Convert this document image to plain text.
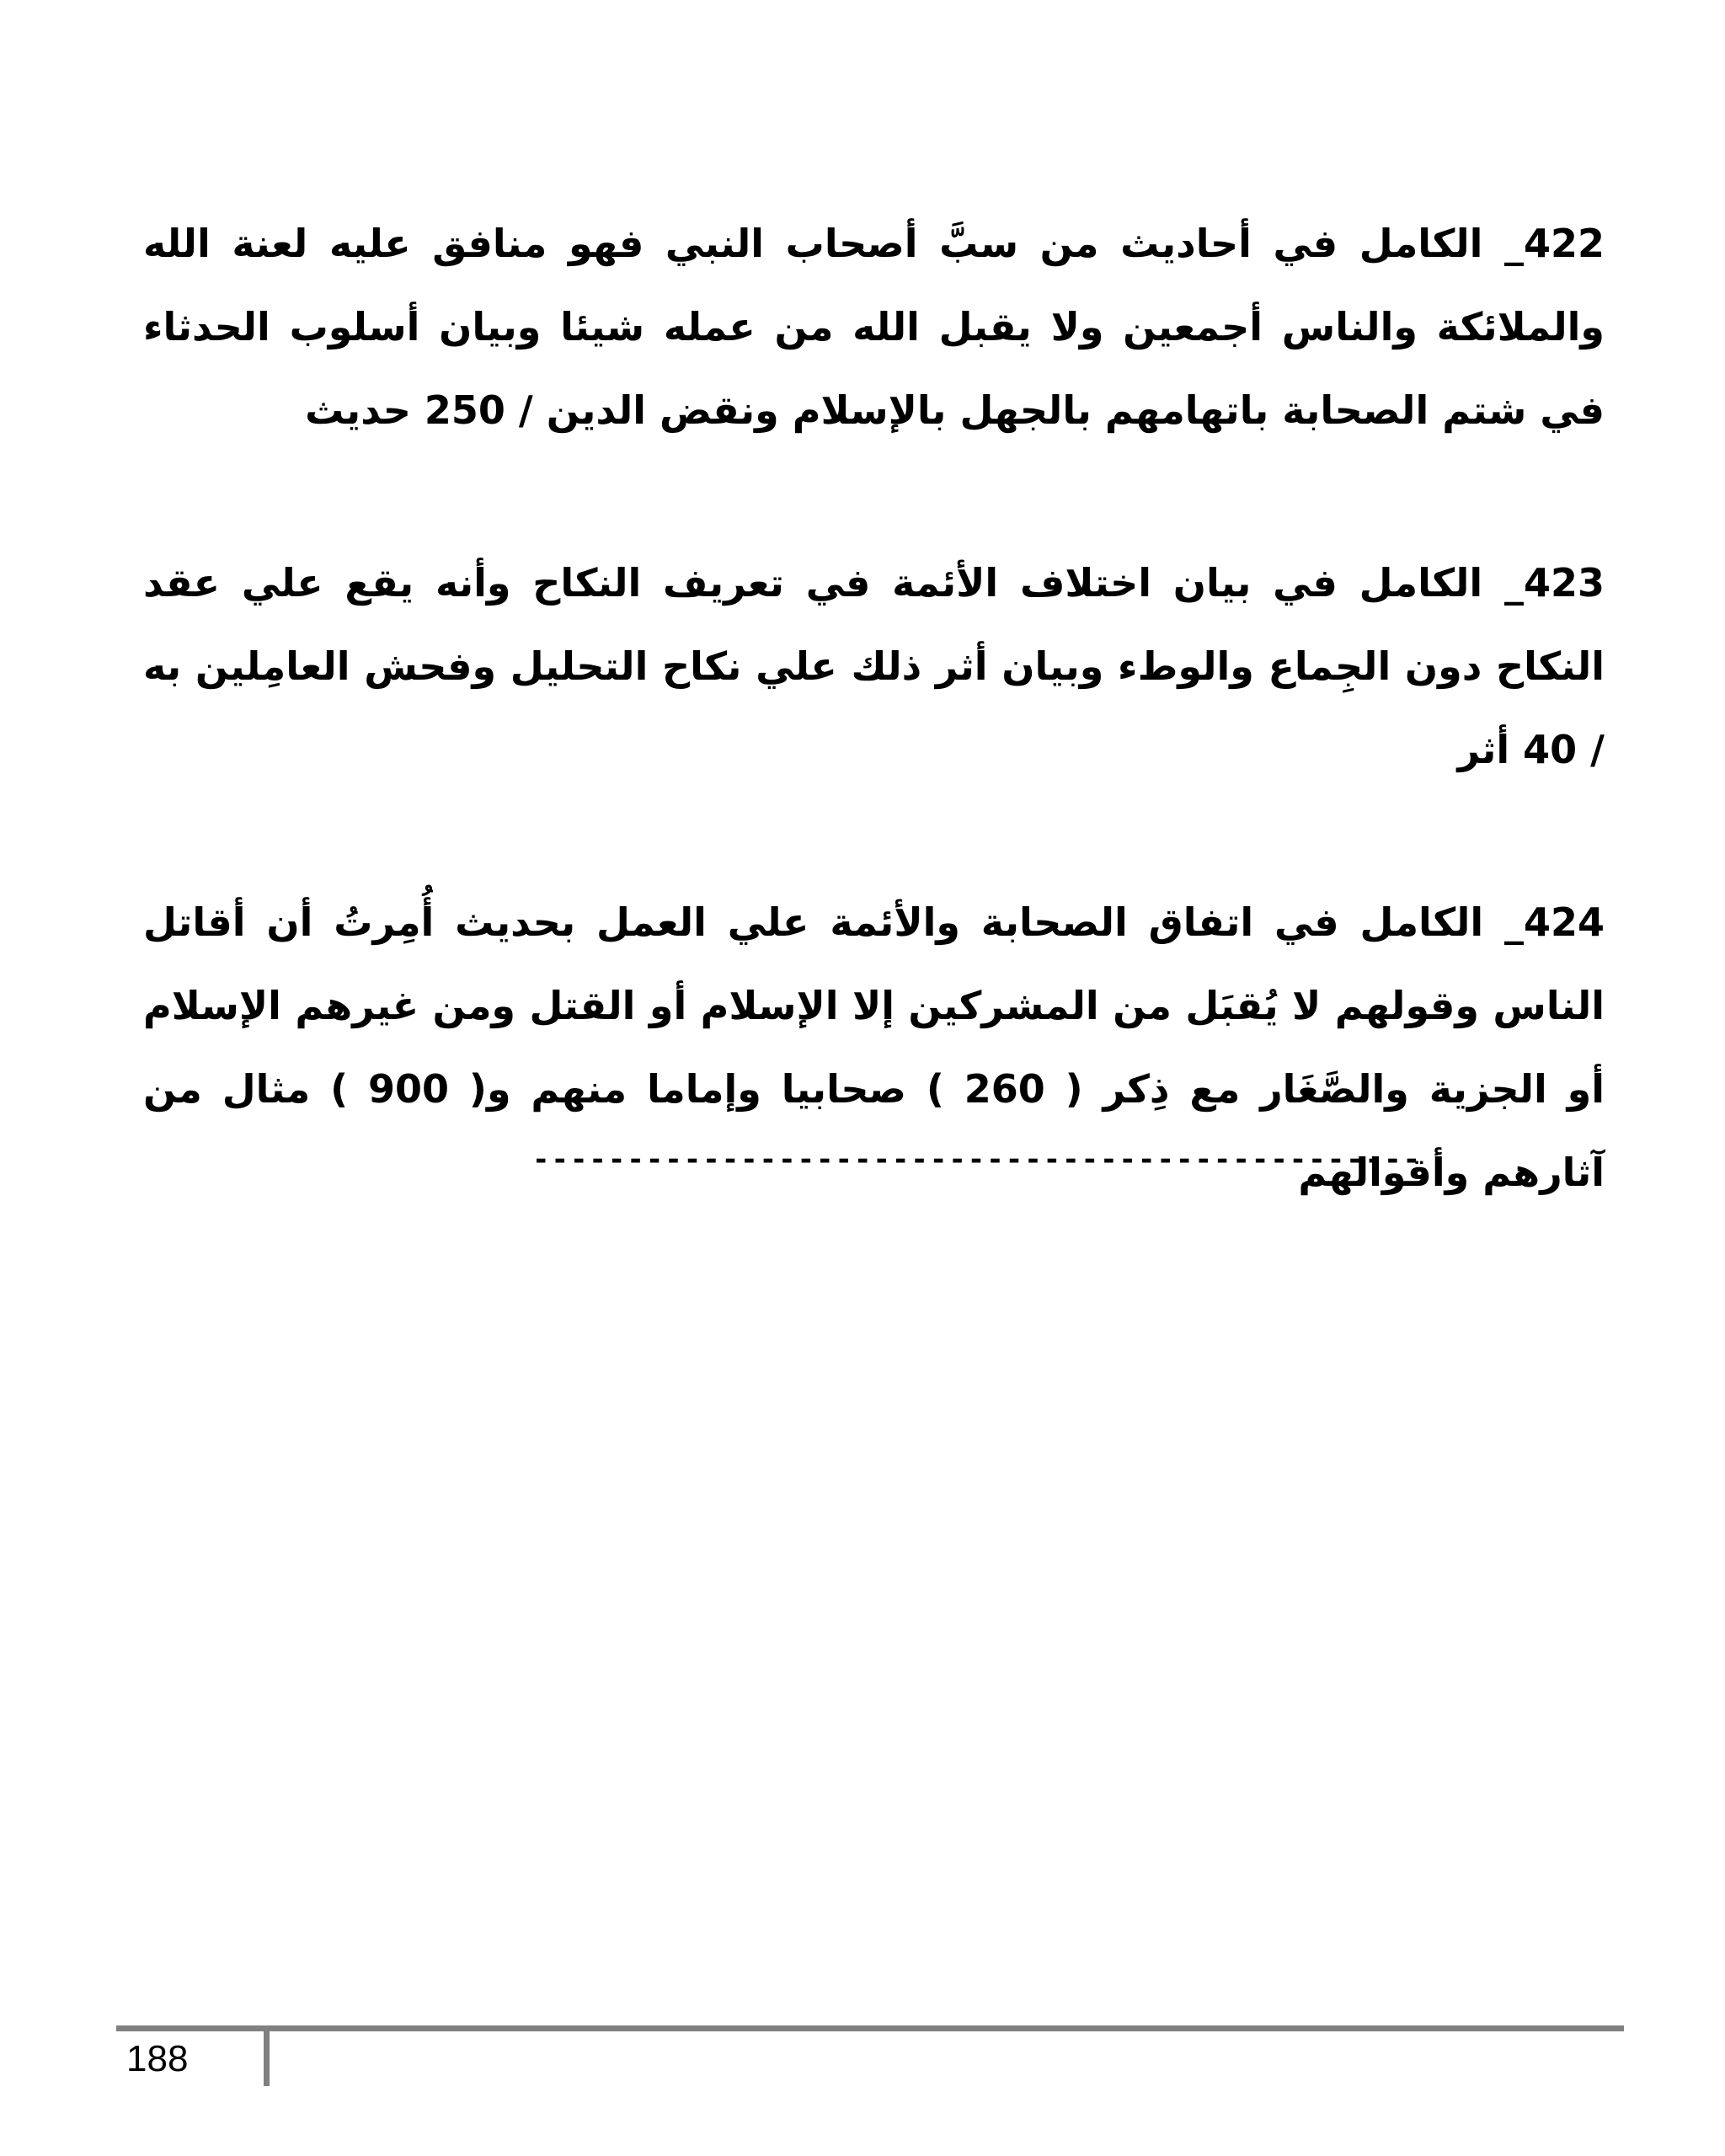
422_ الكامل في أحاديث من سبَّ أصحاب النبي فهو منافق عليه لعنة الله والملائكة والناس أجمعين ولا يقبل الله من عمله شيئا وبيان أسلوب الحدثاء في شتم الصحابة باتهامهم بالجهل بالإسلام ونقض الدين / 250 حديث

423_ الكامل في بيان اختلاف الأئمة في تعريف النكاح وأنه يقع علي عقد النكاح دون الجِماع والوطء وبيان أثر ذلك علي نكاح التحليل وفحش العامِلين به / 40 أثر

424_ الكامل في اتفاق الصحابة والأئمة علي العمل بحديث أُمِرتُ أن أقاتل الناس وقولهم لا يُقبَل من المشركين إلا الإسلام أو القتل ومن غيرهم الإسلام أو الجزية والصَّغَار مع ذِكر ( 260 ) صحابيا وإماما منهم و( 900 ) مثال من آثارهم وأقوالهم

-----------------------------------------------
188
